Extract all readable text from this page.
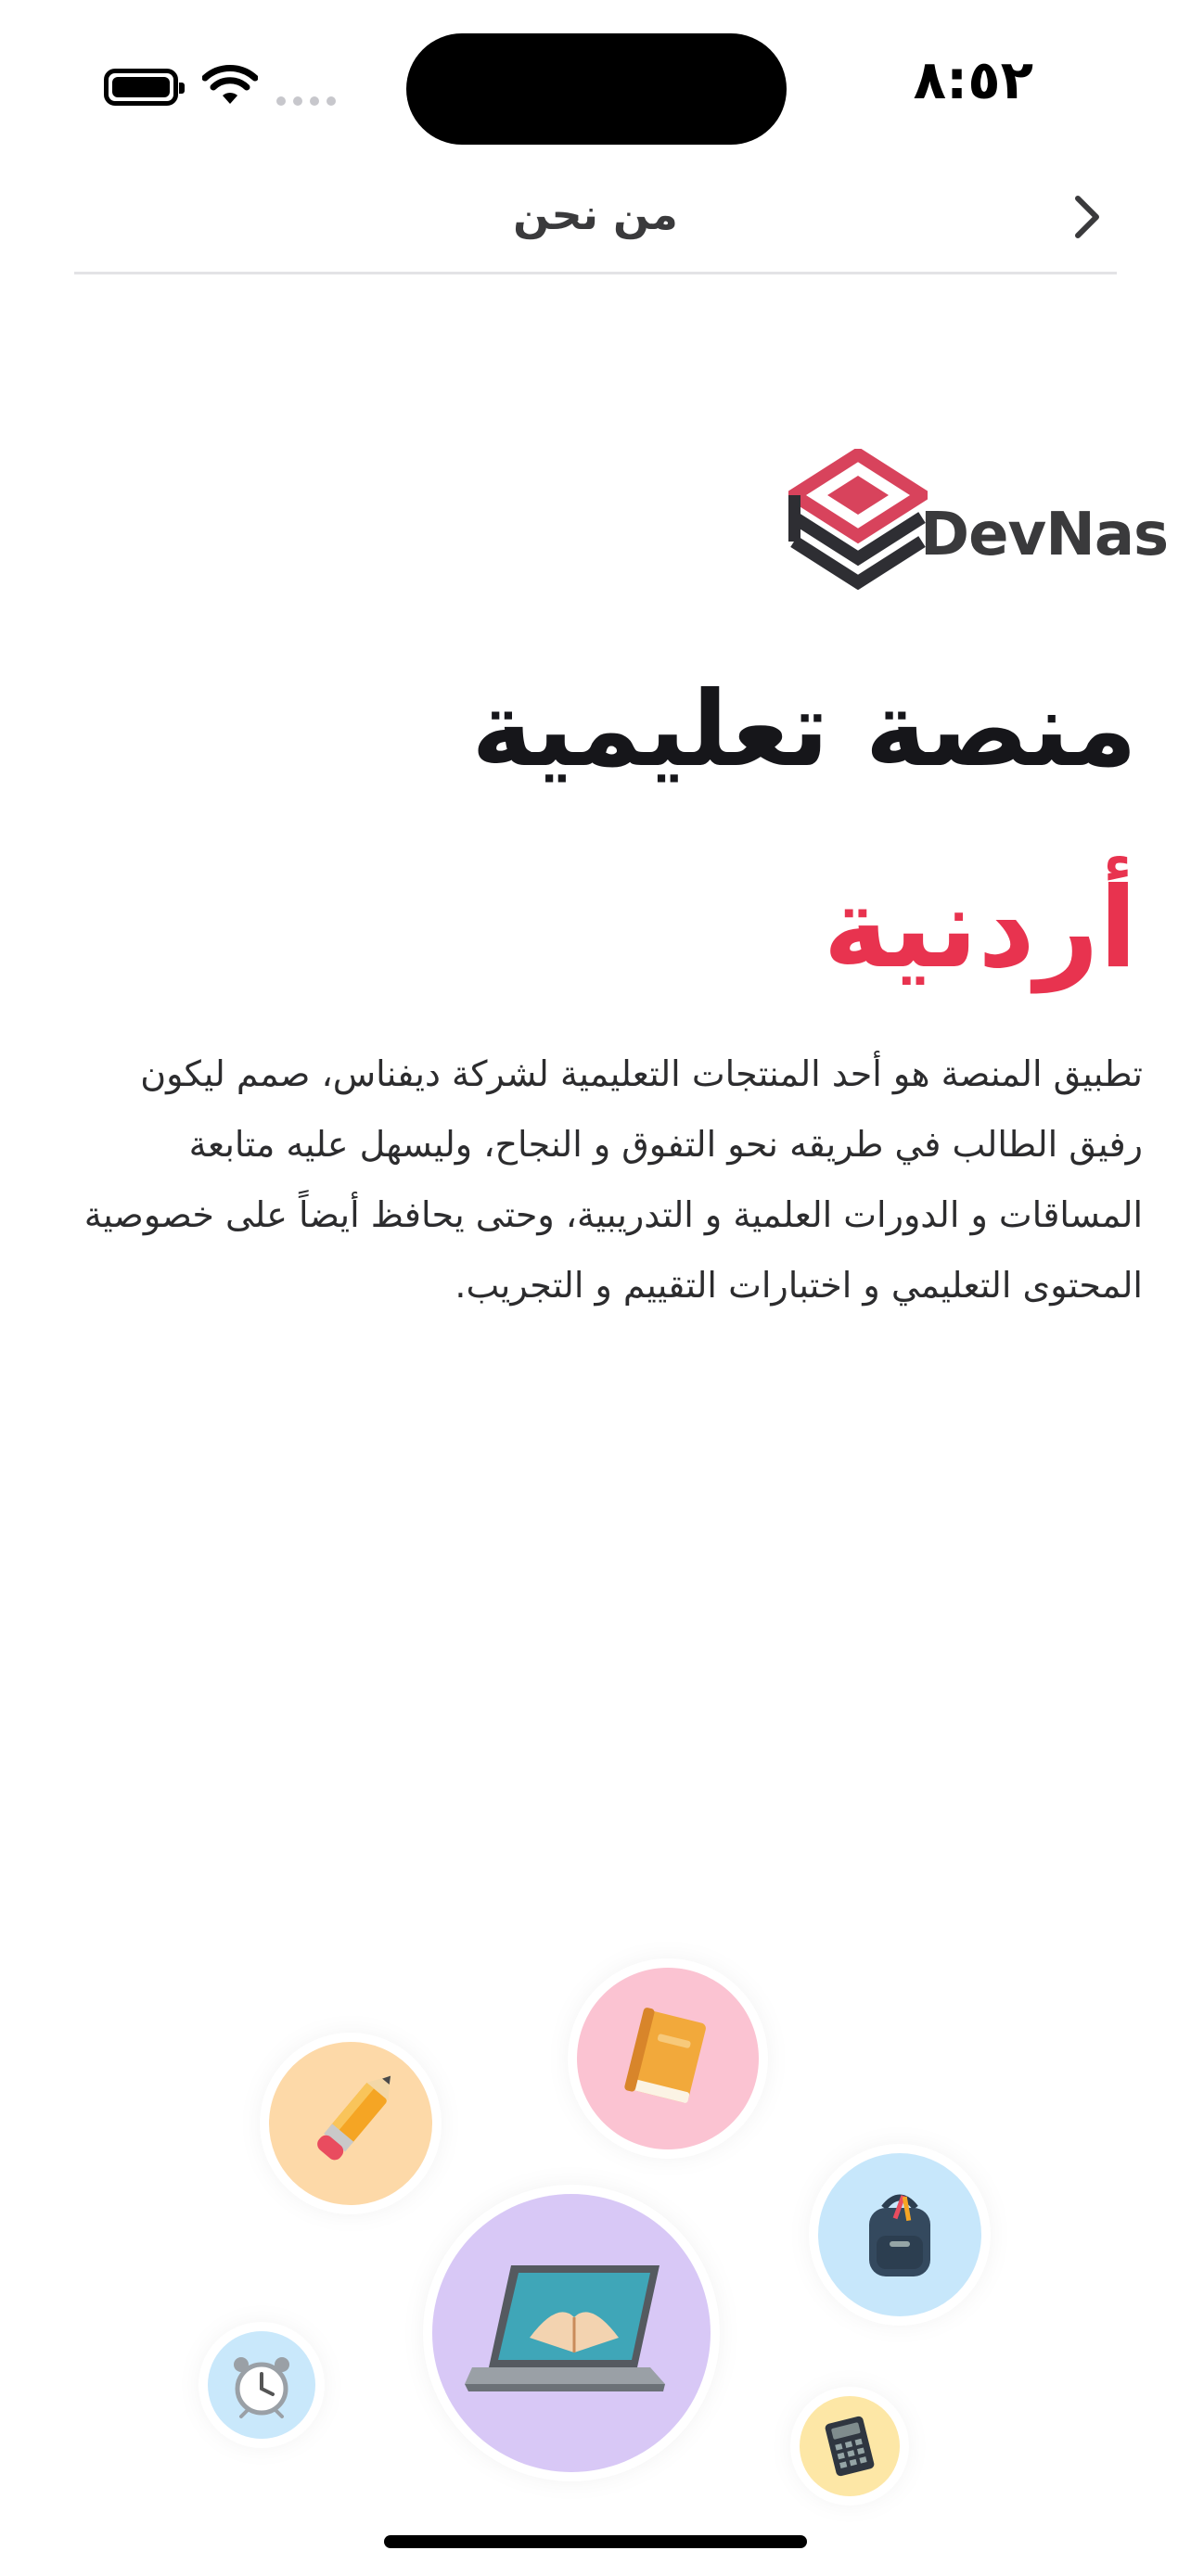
٨:٥٢
من نحن
DevNas
منصة تعليمية
أردنية
تطبيق المنصة هو أحد المنتجات التعليمية لشركة ديفناس، صمم ليكون رفيق الطالب في طريقه نحو التفوق و النجاح، وليسهل عليه متابعة المساقات و الدورات العلمية و التدريبية، وحتى يحافظ أيضاً على خصوصية المحتوى التعليمي و اختبارات التقييم و التجريب.
